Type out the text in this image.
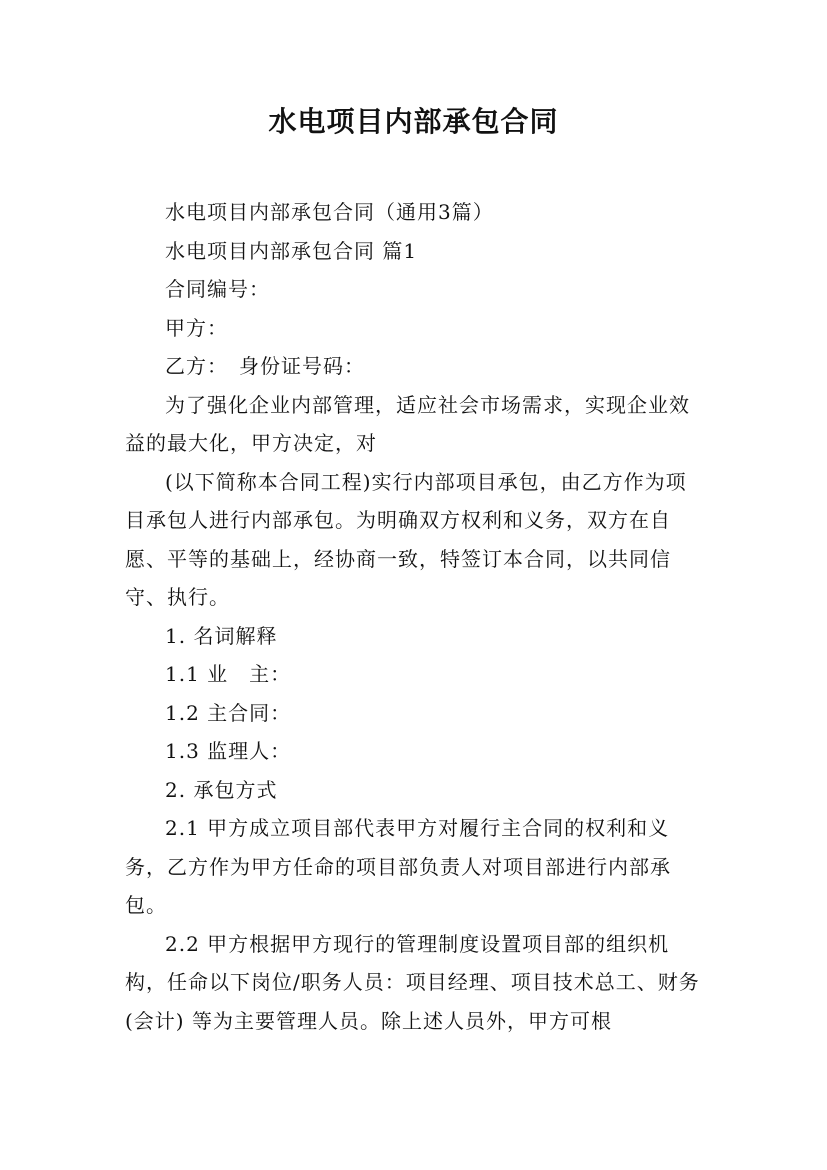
水电项目内部承包合同

水电项目内部承包合同（通用3篇）

水电项目内部承包合同 篇1

合同编号：

甲方：

乙方：　身份证号码：

为了强化企业内部管理，适应社会市场需求，实现企业效益的最大化，甲方决定，对

(以下简称本合同工程)实行内部项目承包，由乙方作为项目承包人进行内部承包。为明确双方权利和义务，双方在自愿、平等的基础上，经协商一致，特签订本合同，以共同信守、执行。

1. 名词解释

1.1 业　主：

1.2 主合同：

1.3 监理人：

2. 承包方式

2.1 甲方成立项目部代表甲方对履行主合同的权利和义务，乙方作为甲方任命的项目部负责人对项目部进行内部承包。

2.2 甲方根据甲方现行的管理制度设置项目部的组织机构，任命以下岗位/职务人员：项目经理、项目技术总工、财务(会计) 等为主要管理人员。除上述人员外，甲方可根
